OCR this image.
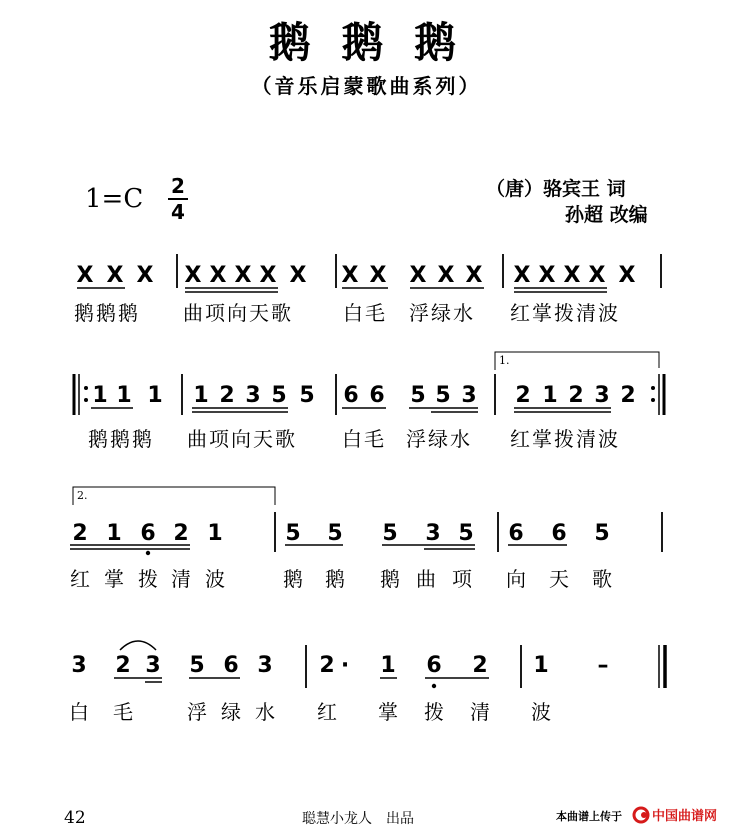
鹅 鹅 鹅
（音乐启蒙歌曲系列）
1=C 2
4
（唐）骆宾王 词
孙超 改编
X X X X X X X X X X X X X X X X X X
1 1 1 1 2 3 5 5 6 6 5 5 3 2 1 2 3 2
2 1 6 2 1	5 5 5 3 5 6 6 5
3 2 3 5 6 3 2 · 1 6 2 1 –
1.
2.
鹅鹅鹅 曲项向天歌	白毛 浮绿水 红掌拨清波
鹅鹅鹅 曲项向天歌 白毛 浮绿水 红掌拨清波
红 掌 拨 清 波	鹅 鹅 鹅 曲 项 向 天 歌
白 毛	浮 绿 水 红 掌 拨 清 波
42	聪慧小龙人　出品	本曲谱上传于 中国曲谱网
